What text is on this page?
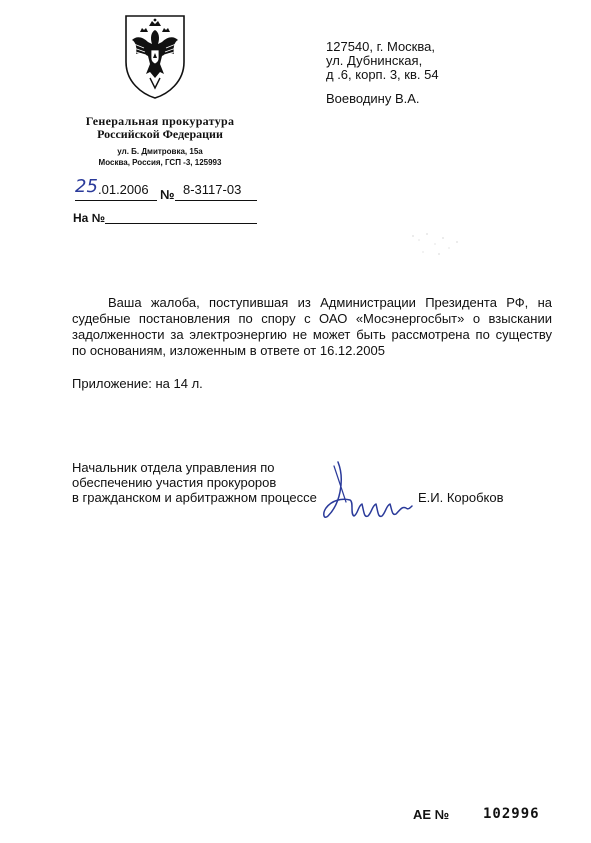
Генеральная прокуратура
Российской Федерации
ул. Б. Дмитровка, 15а
Москва, Россия, ГСП -3, 125993
25 .01.2006 № 8-3117-03
На №
127540, г. Москва,
ул. Дубнинская,
д .6, корп. 3, кв. 54
Воеводину В.А.
Ваша жалоба, поступившая из Администрации Президента РФ, на судебные постановления по спору с ОАО «Мосэнергосбыт» о взыскании задолженности за электроэнергию не может быть рассмотрена по существу по основаниям, изложенным в ответе от 16.12.2005
Приложение: на 14 л.
Начальник отдела управления по
обеспечению участия прокуроров
в гражданском и арбитражном процессе	Е.И. Коробков
АЕ № 102996
